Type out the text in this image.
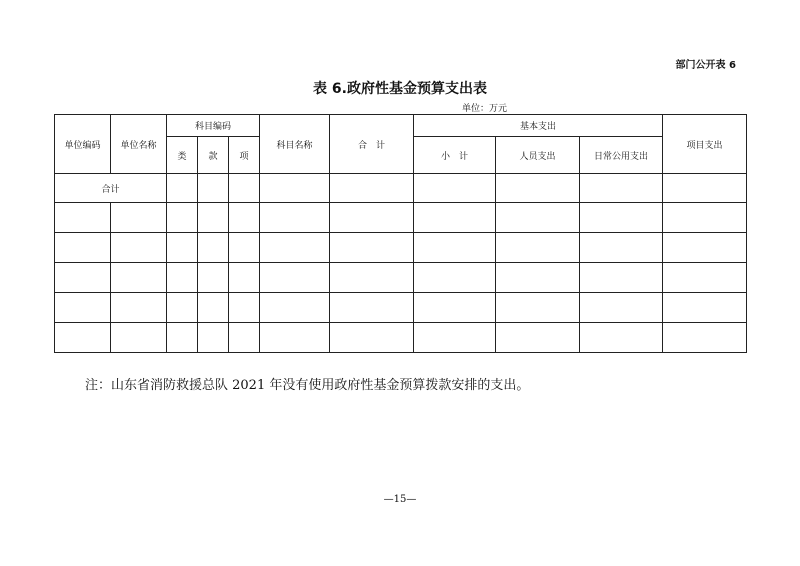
部门公开表 6
表 6.政府性基金预算支出表
单位：万元
单位编码	单位名称	科目编码			科目名称	合　计	基本支出			项目支出
		类	款	项			小　计	人员支出	日常公用支出	
合计										

注：山东省消防救援总队 2021 年没有使用政府性基金预算拨款安排的支出。
—15—
